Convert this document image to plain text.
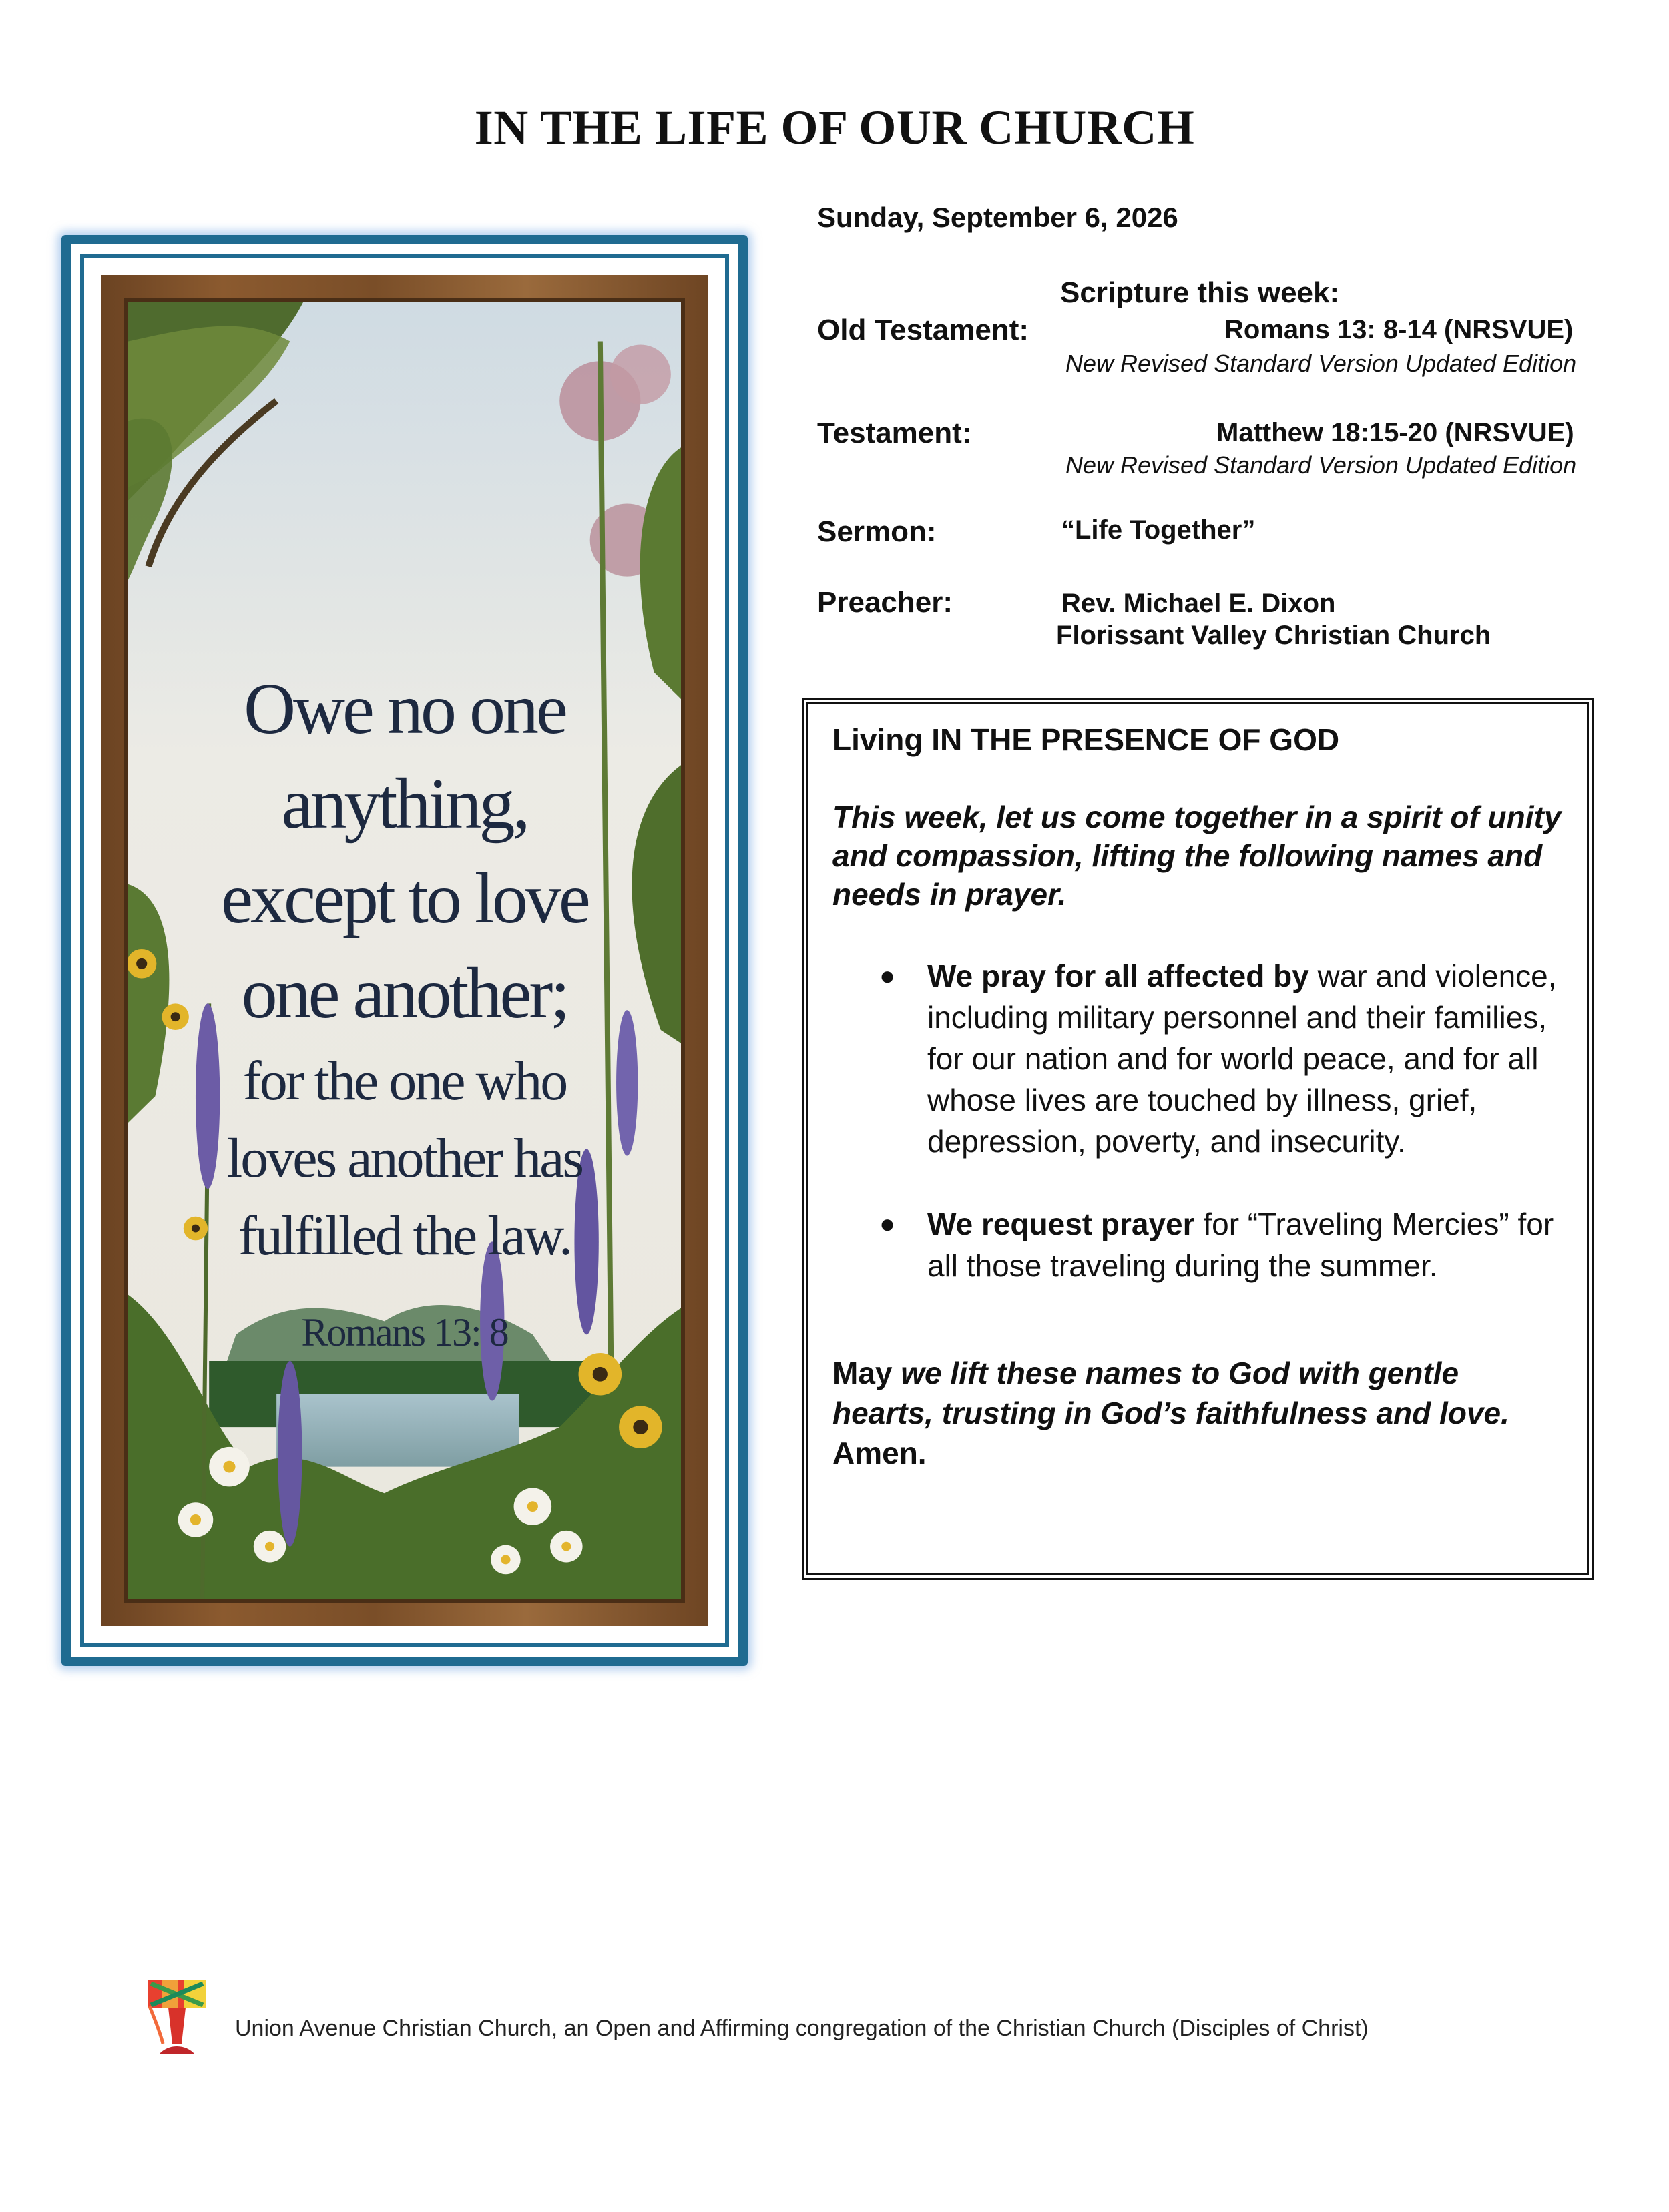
IN THE LIFE OF OUR CHURCH
Owe no one
anything,
except to love
one another;
for the one who
loves another has
fulfilled the law.
Romans 13: 8
Sunday, September 6, 2026
Scripture this week:
Old Testament:	Romans 13: 8-14 (NRSVUE)
New Revised Standard Version Updated Edition
Testament:	Matthew 18:15-20 (NRSVUE)
New Revised Standard Version Updated Edition
Sermon:	“Life Together”
Preacher:	Rev. Michael E. Dixon
Florissant Valley Christian Church
Living IN THE PRESENCE OF GOD
This week, let us come together in a spirit of unity and compassion, lifting the following names and needs in prayer.
● We pray for all affected by war and violence, including military personnel and their families, for our nation and for world peace, and for all whose lives are touched by illness, grief, depression, poverty, and insecurity.
● We request prayer for “Traveling Mercies” for all those traveling during the summer.
May we lift these names to God with gentle hearts, trusting in God’s faithfulness and love.
Amen.
Union Avenue Christian Church, an Open and Affirming congregation of the Christian Church (Disciples of Christ)
